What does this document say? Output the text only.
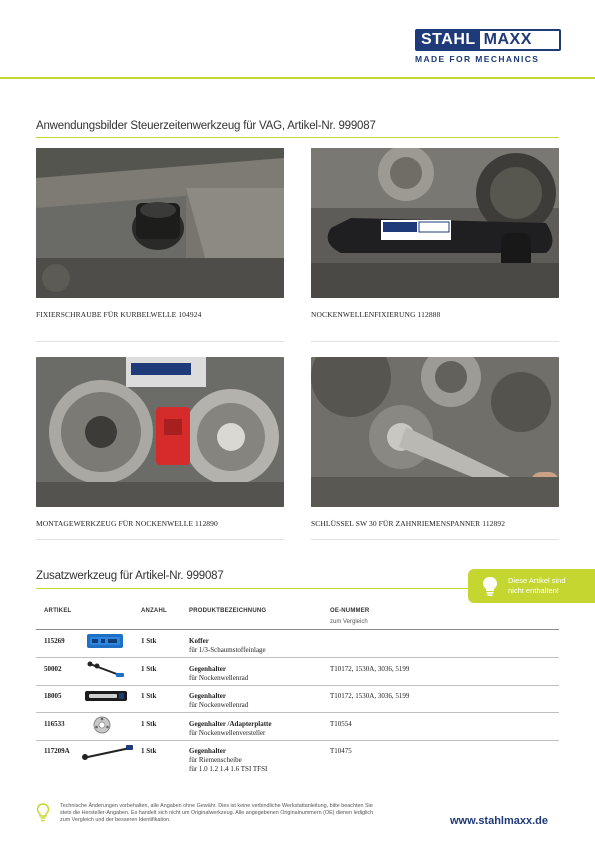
STAHL MAXX
MADE FOR MECHANICS
Anwendungsbilder Steuerzeitenwerkzeug für VAG, Artikel-Nr. 999087
FIXIERSCHRAUBE FÜR KURBELWELLE 104924	NOCKENWELLENFIXIERUNG 112888
MONTAGEWERKZEUG FÜR NOCKENWELLE 112890	SCHLÜSSEL SW 30 FÜR ZAHNRIEMENSPANNER 112892
Zusatzwerkzeug für Artikel-Nr. 999087	Diese Artikel sind
nicht enthalten!
ARTIKEL	ANZAHL	PRODUKTBEZEICHNUNG	OE-NUMMER
zum Vergleich
115269	1 Stk	Koffer
für 1/3-Schaumstoffeinlage
50002	1 Stk	Gegenhalter
für Nockenwellenrad
T10172, 1530A, 3036, 5199
18005	1 Stk	Gegenhalter
für Nockenwellenrad
T10172, 1530A, 3036, 5199
116533	1 Stk	Gegenhalter /Adapterplatte
für Nockenwellenversteller
T10554
117209A	1 Stk	Gegenhalter
für Riemenscheibe
für 1.0 1.2 1.4 1.6 TSI TFSI
T10475
Technische Änderungen vorbehalten, alle Angaben ohne Gewähr. Dies ist keine verbindliche Werkstattanleitung, bitte beachten Sie
stets die Hersteller-Angaben. Es handelt sich nicht um Originalwerkzeug. Alle angegebenen Originalnummern (OE) dienen lediglich
zum Vergleich und der besseren Identifikation.	www.stahlmaxx.de
